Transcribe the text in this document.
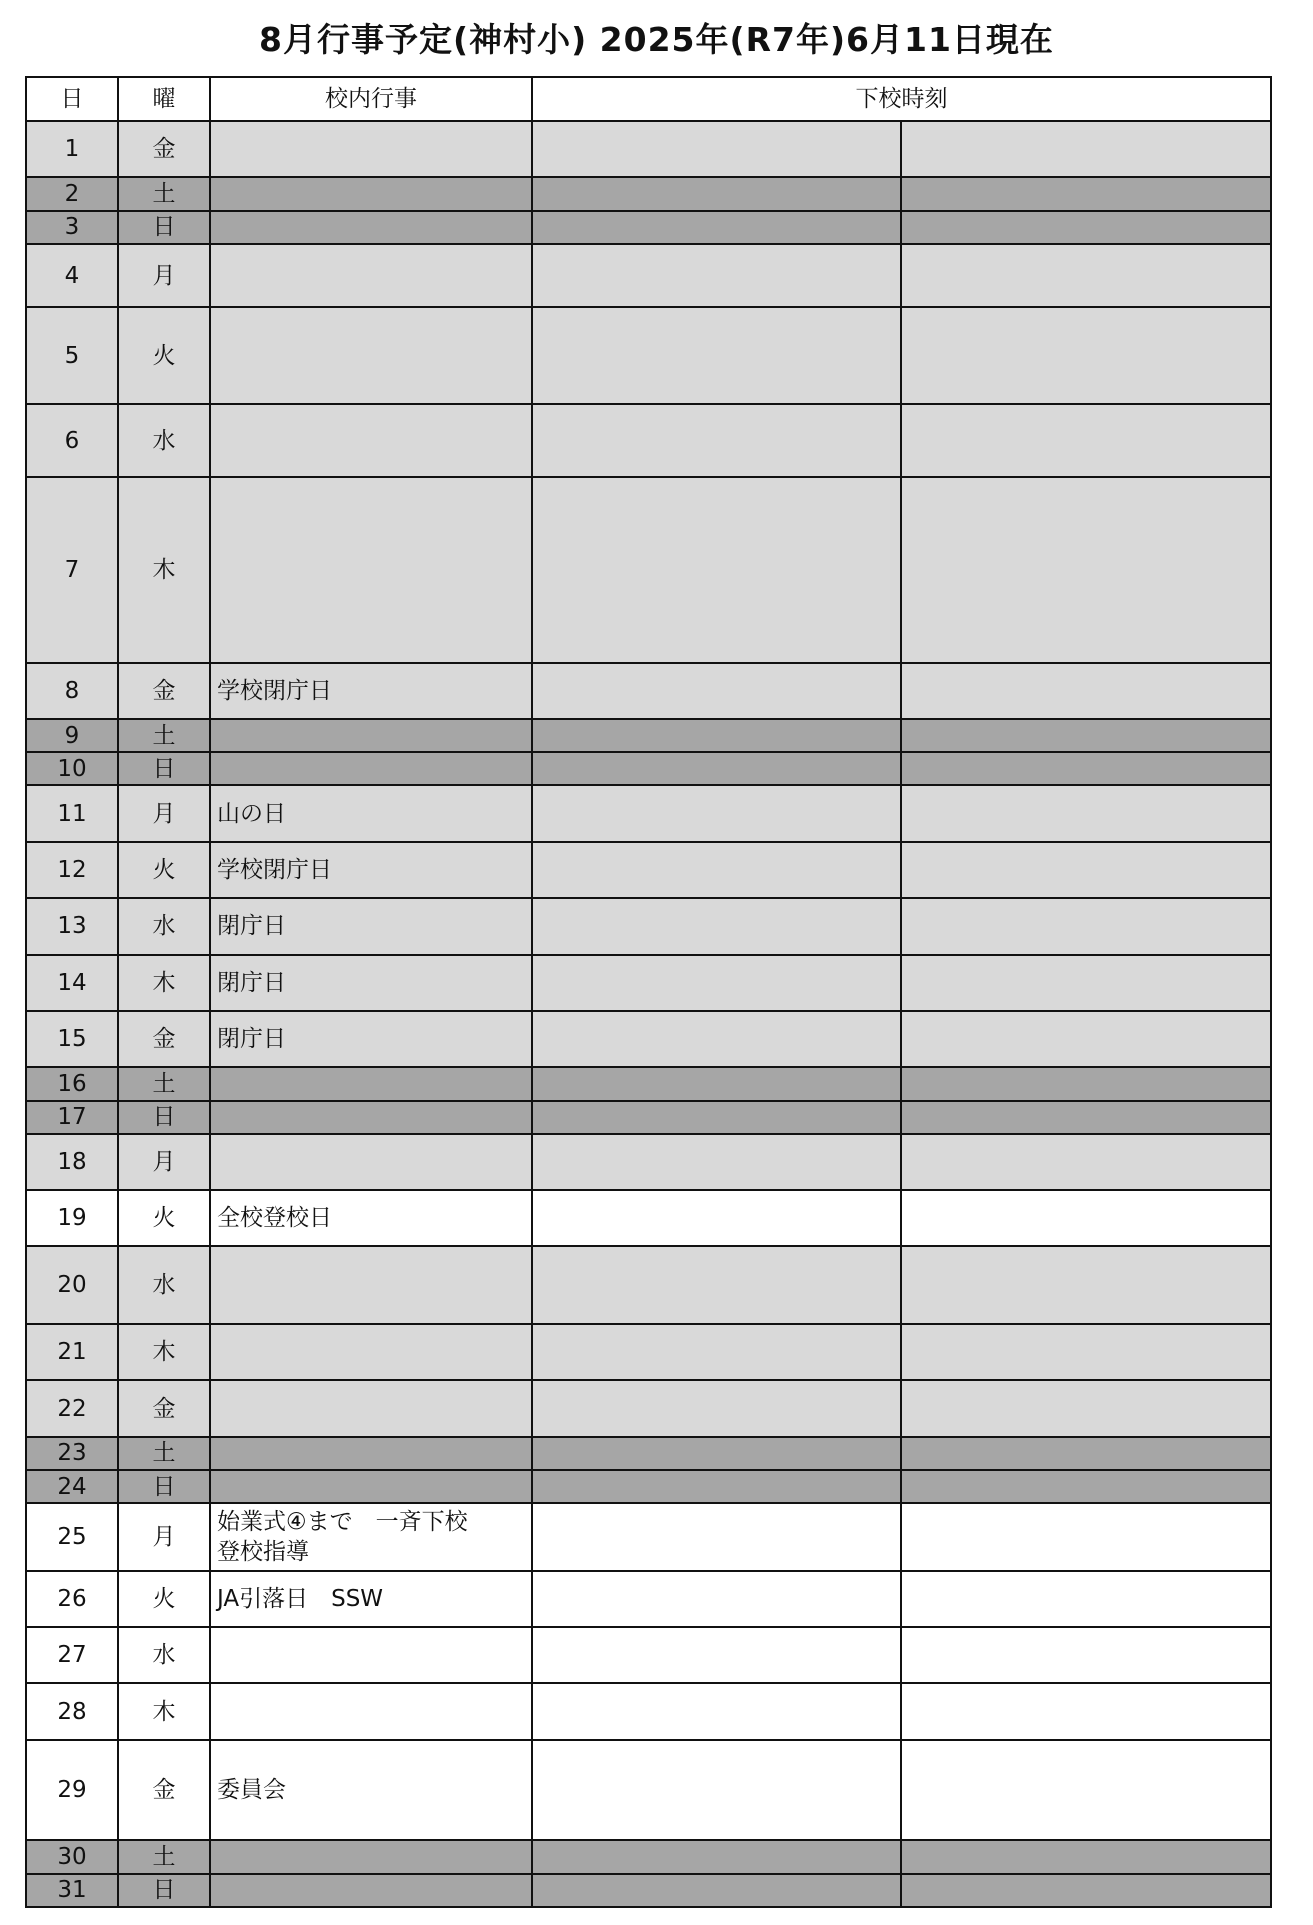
8月行事予定(神村小) 2025年(R7年)6月11日現在
日	曜	校内行事	下校時刻	
1	金	

2	土	

3	日	

4	月	

5	火	

6	水	

7	木	

8	金	学校閉庁日		

9	土	

10	日	

11	月	山の日		

12	火	学校閉庁日		

13	水	閉庁日		

14	木	閉庁日		

15	金	閉庁日		

16	土	

17	日	

18	月	

19	火	全校登校日		

20	水	

21	木	

22	金	

23	土	

24	日	

25	月	始業式④まで　一斉下校
登校指導		

26	火	JA引落日　SSW		

27	水	

28	木	

29	金	委員会		

30	土	

31	日	
